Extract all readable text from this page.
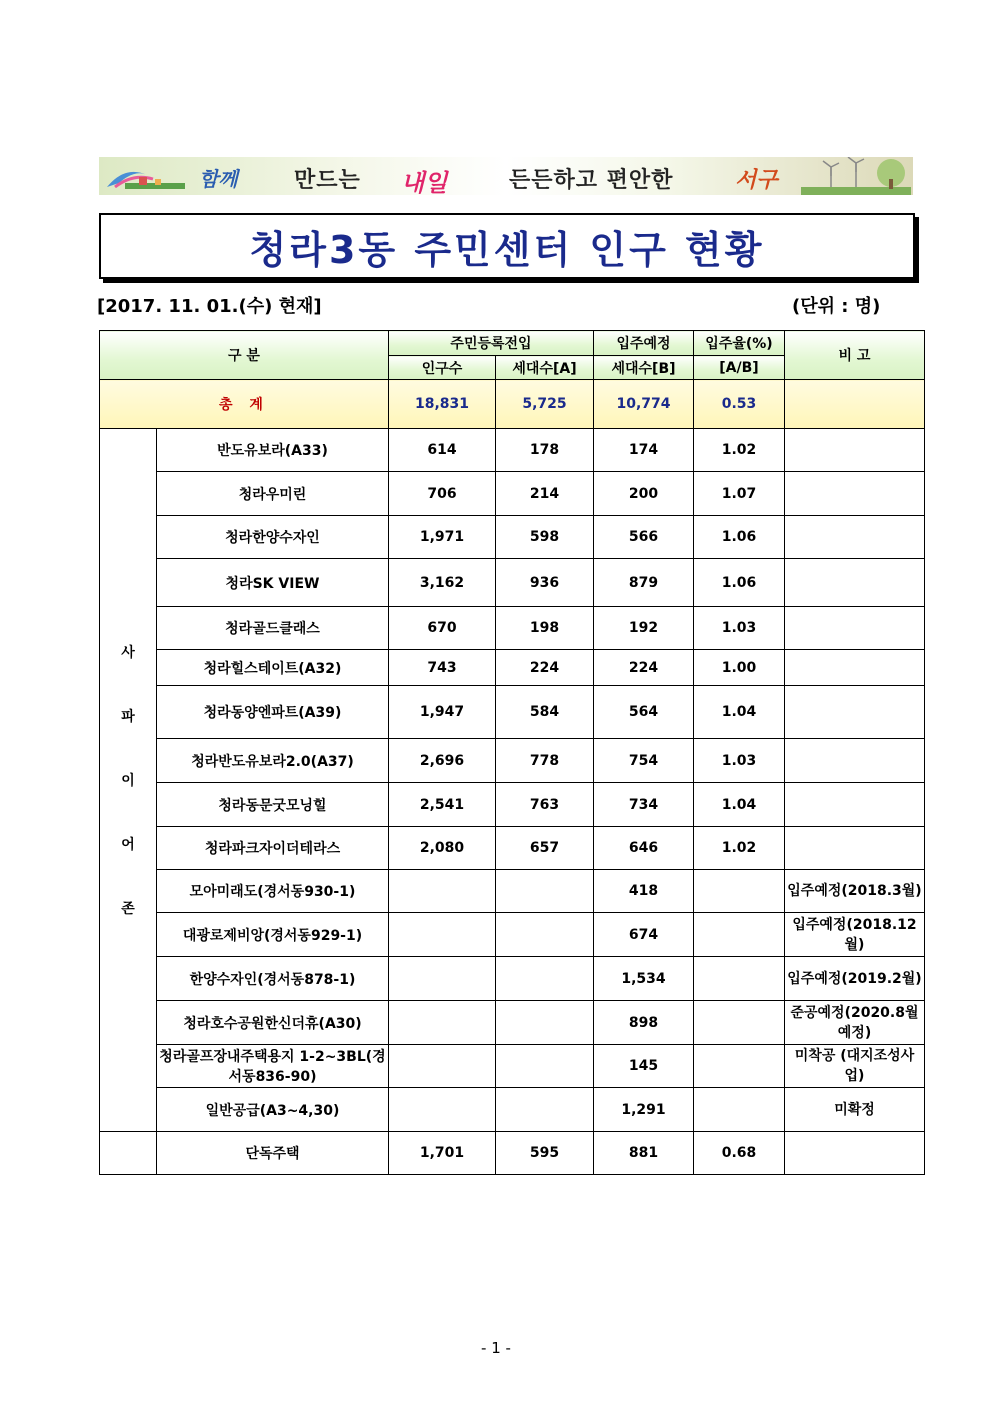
함께	만드는 내일	든든하고 편안한	서구
청라3동 주민센터 인구 현황
[2017. 11. 01.(수) 현재]	(단위 : 명)
구 분		주민등록전입		입주예정	입주율(%)	비 고
		인구수	세대수[A]	세대수[B]	[A/B]	
총 계		18,831	5,725	10,774	0.53	

사
파
이
어
존	반도유보라(A33)	614	178	174	1.02	
	청라우미린	706	214	200	1.07	
	청라한양수자인	1,971	598	566	1.06	
	청라SK VIEW	3,162	936	879	1.06	
	청라골드클래스	670	198	192	1.03	
	청라힐스테이트(A32)	743	224	224	1.00	
	청라동양엔파트(A39)	1,947	584	564	1.04	
	청라반도유보라2.0(A37)	2,696	778	754	1.03	
	청라동문굿모닝힐	2,541	763	734	1.04	
	청라파크자이더테라스	2,080	657	646	1.02	
	모아미래도(경서동930-1)			418		입주예정(2018.3월)
	대광로제비앙(경서동929-1)			674		입주예정(2018.12월)
	한양수자인(경서동878-1)			1,534		입주예정(2019.2월)
	청라호수공원한신더휴(A30)			898		준공예정(2020.8월 예정)
	청라골프장내주택용지 1-2~3BL(경서동836-90)			145		미착공 (대지조성사업)
	일반공급(A3~4,30)			1,291		미확정
	단독주택	1,701	595	881	0.68	
- 1 -
